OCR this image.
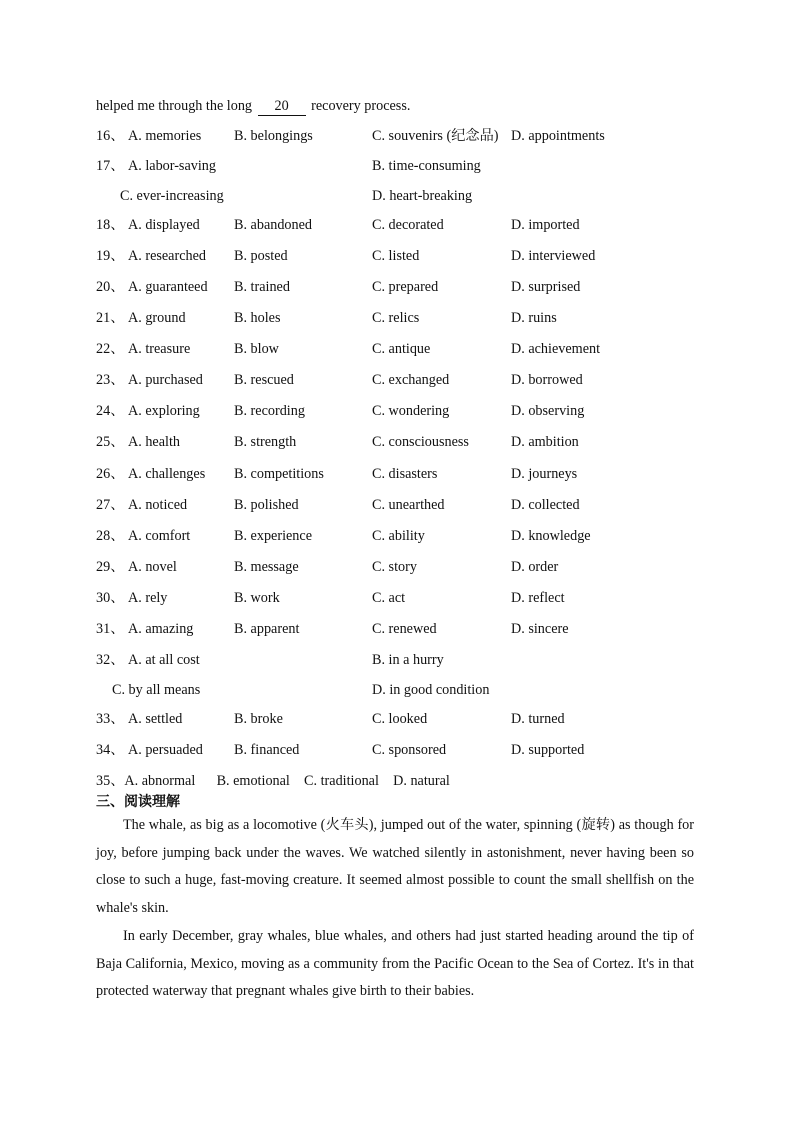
helped me through the long 20 recovery process.
16、 A. memories B. belongings	C. souvenirs (纪念品) D. appointments
17、 A. labor-saving	B. time-consuming
C. ever-increasing	D. heart-breaking
18、 A. displayed B. abandoned	C. decorated	D. imported
19、 A. researched B. posted	C. listed	D. interviewed
20、 A. guaranteed B. trained	C. prepared	D. surprised
21、 A. ground	B. holes	C. relics	D. ruins
22、 A. treasure	B. blow	C. antique	D. achievement
23、 A. purchased B. rescued	C. exchanged	D. borrowed
24、 A. exploring B. recording	C. wondering	D. observing
25、 A. health	B. strength	C. consciousness	D. ambition
26、 A. challenges B. competitions	C. disasters	D. journeys
27、 A. noticed	B. polished	C. unearthed	D. collected
28、 A. comfort	B. experience	C. ability	D. knowledge
29、 A. novel	B. message	C. story	D. order
30、 A. rely	B. work	C. act	D. reflect
31、 A. amazing	B. apparent	C. renewed	D. sincere
32、 A. at all cost	B. in a hurry
C. by all means	D. in good condition
33、 A. settled	B. broke	C. looked	D. turned
34、 A. persuaded B. financed	C. sponsored	D. supported
35、A. abnormal      B. emotional    C. traditional    D. natural
三、阅读理解

The whale, as big as a locomotive (火车头), jumped out of the water, spinning (旋转) as though for joy, before jumping back under the waves. We watched silently in astonishment, never having been so close to such a huge, fast-moving creature. It seemed almost possible to count the small shellfish on the whale's skin.

In early December, gray whales, blue whales, and others had just started heading around the tip of Baja California, Mexico, moving as a community from the Pacific Ocean to the Sea of Cortez. It's in that protected waterway that pregnant whales give birth to their babies.
